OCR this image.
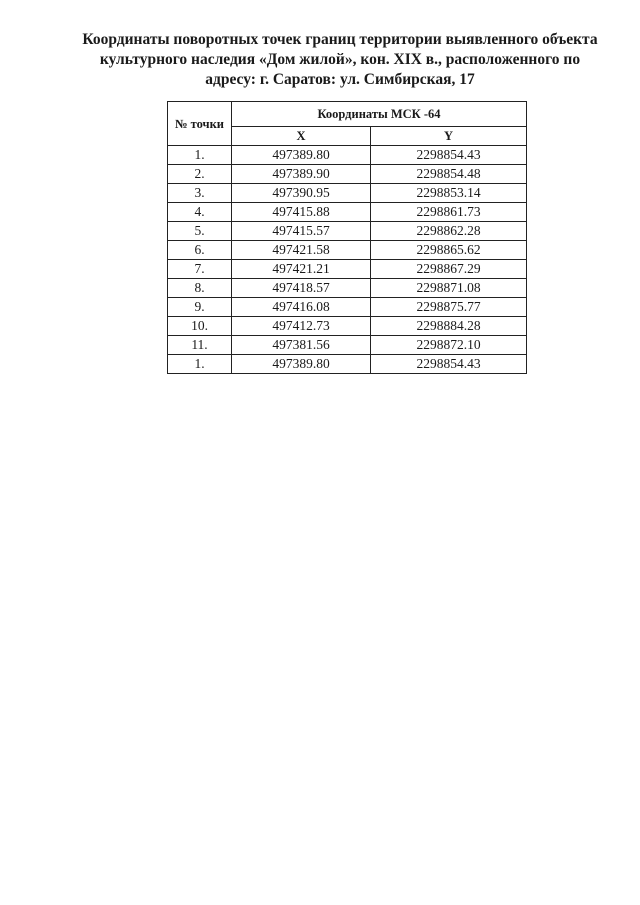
Координаты поворотных точек границ территории выявленного объекта
культурного наследия «Дом жилой», кон. XIX в., расположенного по
адресу: г. Саратов: ул. Симбирская, 17
№ точки	Координаты МСК -64	
	X	Y
1.	497389.80	2298854.43
2.	497389.90	2298854.48
3.	497390.95	2298853.14
4.	497415.88	2298861.73
5.	497415.57	2298862.28
6.	497421.58	2298865.62
7.	497421.21	2298867.29
8.	497418.57	2298871.08
9.	497416.08	2298875.77
10.	497412.73	2298884.28
11.	497381.56	2298872.10
1.	497389.80	2298854.43
